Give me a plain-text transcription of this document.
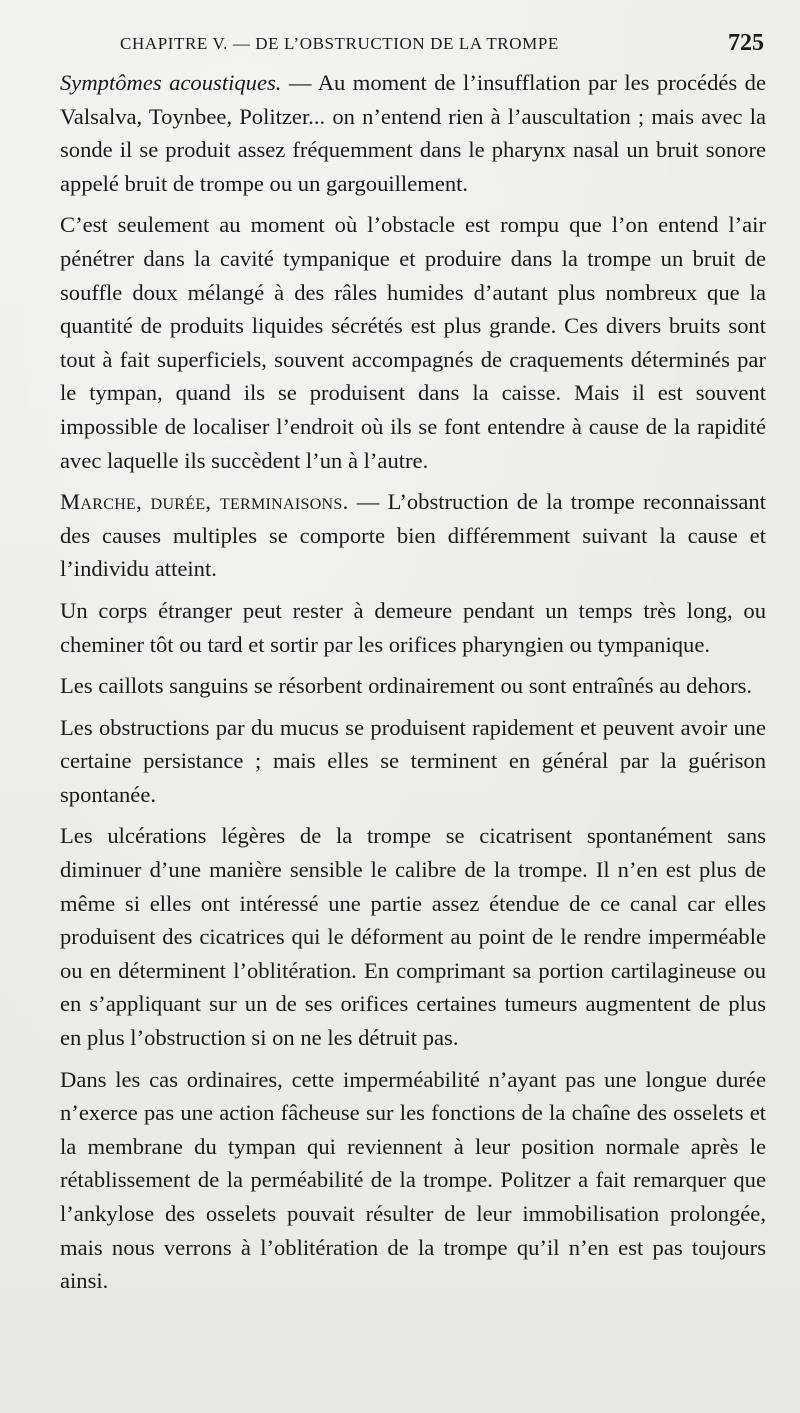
CHAPITRE V. — DE L’OBSTRUCTION DE LA TROMPE	725

Symptômes acoustiques. — Au moment de l’insufflation par les procédés de Valsalva, Toynbee, Politzer... on n’entend rien à l’auscultation ; mais avec la sonde il se produit assez fréquemment dans le pharynx nasal un bruit sonore appelé bruit de trompe ou un gargouillement.

C’est seulement au moment où l’obstacle est rompu que l’on entend l’air pénétrer dans la cavité tympanique et produire dans la trompe un bruit de souffle doux mélangé à des râles humides d’autant plus nombreux que la quantité de produits liquides sécrétés est plus grande. Ces divers bruits sont tout à fait superficiels, souvent accompagnés de craquements déterminés par le tympan, quand ils se produisent dans la caisse. Mais il est souvent impossible de localiser l’endroit où ils se font entendre à cause de la rapidité avec laquelle ils succèdent l’un à l’autre.

Marche, durée, terminaisons. — L’obstruction de la trompe reconnaissant des causes multiples se comporte bien différemment suivant la cause et l’individu atteint.

Un corps étranger peut rester à demeure pendant un temps très long, ou cheminer tôt ou tard et sortir par les orifices pharyngien ou tympanique.

Les caillots sanguins se résorbent ordinairement ou sont entraînés au dehors.

Les obstructions par du mucus se produisent rapidement et peuvent avoir une certaine persistance ; mais elles se terminent en général par la guérison spontanée.

Les ulcérations légères de la trompe se cicatrisent spontanément sans diminuer d’une manière sensible le calibre de la trompe. Il n’en est plus de même si elles ont intéressé une partie assez étendue de ce canal car elles produisent des cicatrices qui le déforment au point de le rendre imperméable ou en déterminent l’oblitération. En comprimant sa portion cartilagineuse ou en s’appliquant sur un de ses orifices certaines tumeurs augmentent de plus en plus l’obstruction si on ne les détruit pas.

Dans les cas ordinaires, cette imperméabilité n’ayant pas une longue durée n’exerce pas une action fâcheuse sur les fonctions de la chaîne des osselets et la membrane du tympan qui reviennent à leur position normale après le rétablissement de la perméabilité de la trompe. Politzer a fait remarquer que l’ankylose des osselets pouvait résulter de leur immobilisation prolongée, mais nous verrons à l’oblitération de la trompe qu’il n’en est pas toujours ainsi.
